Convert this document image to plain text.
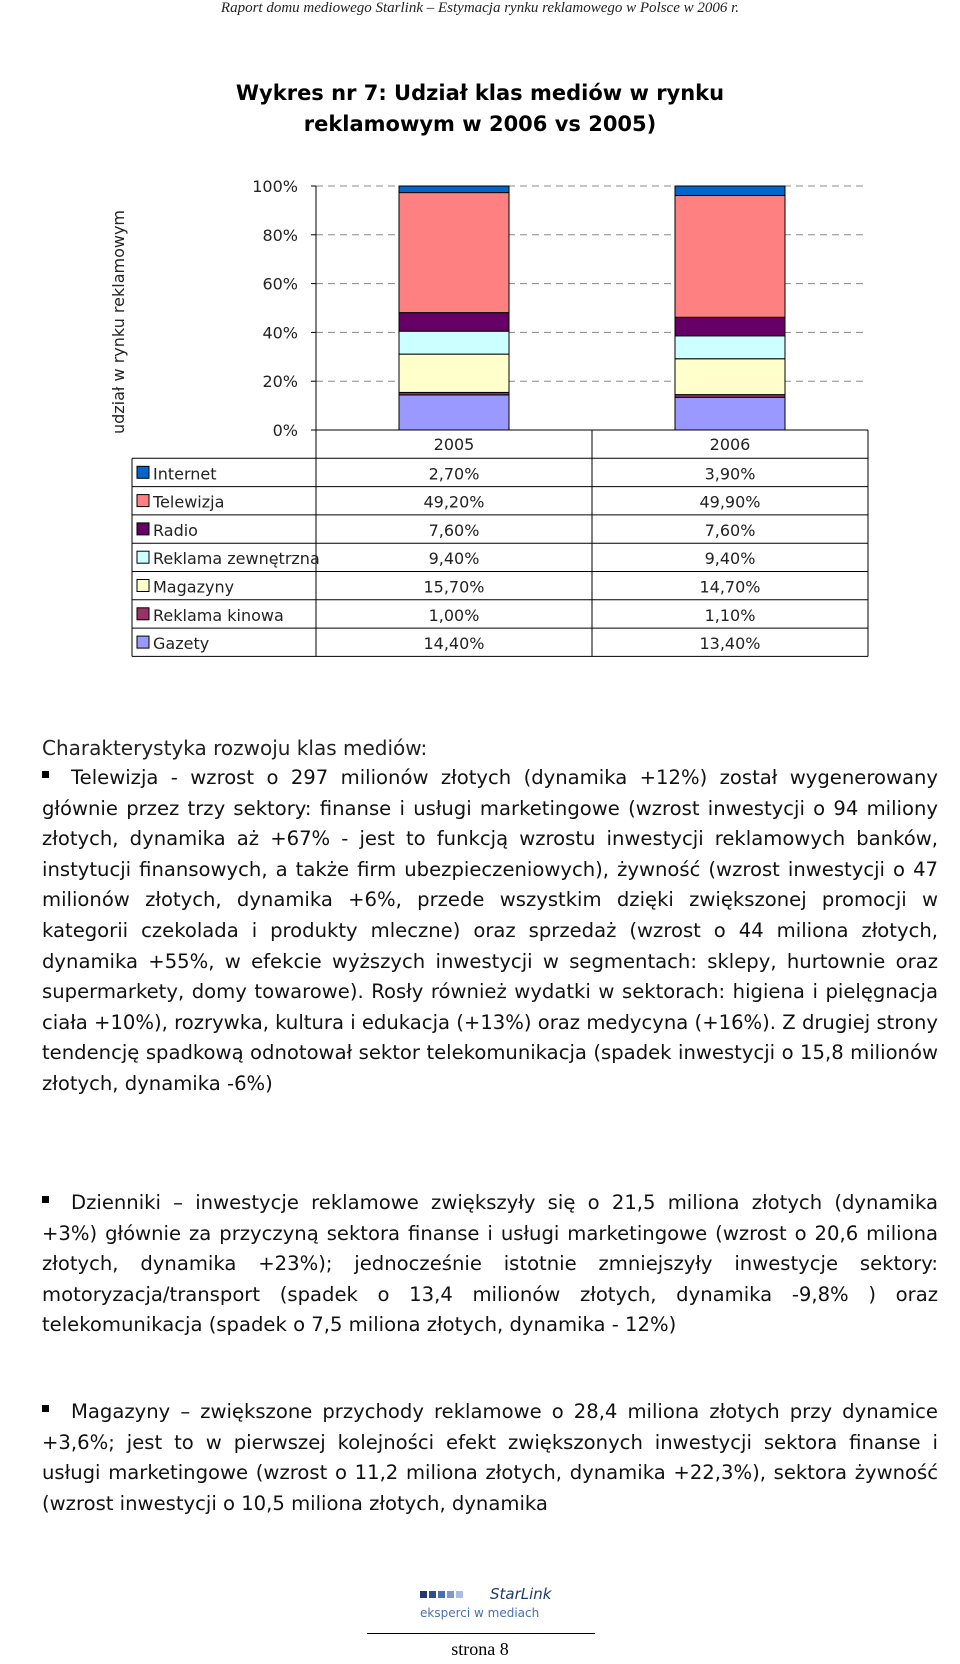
Raport domu mediowego Starlink – Estymacja rynku reklamowego w Polsce w 2006 r.
Wykres nr 7: Udział klas mediów w rynku
reklamowym w 2006 vs 2005)
0%
20%
40%
60%
80%
100%
udział w rynku reklamowym
2005	2006
Internet	2,70%	3,90%
Telewizja	49,20%	49,90%
Radio	7,60%	7,60%
Reklama zewnętrzna	9,40%	9,40%
Magazyny	15,70%	14,70%
Reklama kinowa	1,00%	1,10%
Gazety	14,40%	13,40%
Charakterystyka rozwoju klas mediów:
Telewizja - wzrost o 297 milionów złotych (dynamika +12%) został wygenerowany głównie przez trzy sektory: finanse i usługi marketingowe (wzrost inwestycji o 94 miliony złotych, dynamika aż +67% - jest to funkcją wzrostu inwestycji reklamowych banków, instytucji finansowych, a także firm ubezpieczeniowych), żywność (wzrost inwestycji o 47 milionów złotych, dynamika +6%, przede wszystkim dzięki zwiększonej promocji w kategorii czekolada i produkty mleczne) oraz sprzedaż (wzrost o 44 miliona złotych, dynamika +55%, w efekcie wyższych inwestycji w segmentach: sklepy, hurtownie oraz supermarkety, domy towarowe). Rosły również wydatki w sektorach: higiena i pielęgnacja ciała +10%), rozrywka, kultura i edukacja (+13%) oraz medycyna (+16%). Z drugiej strony tendencję spadkową odnotował sektor telekomunikacja (spadek inwestycji o 15,8 milionów złotych, dynamika -6%)
Dzienniki – inwestycje reklamowe zwiększyły się o 21,5 miliona złotych (dynamika +3%) głównie za przyczyną sektora finanse i usługi marketingowe (wzrost o 20,6 miliona złotych, dynamika +23%); jednocześnie istotnie zmniejszyły inwestycje sektory: motoryzacja/transport (spadek o 13,4 milionów złotych, dynamika -9,8% ) oraz telekomunikacja (spadek o 7,5 miliona złotych, dynamika - 12%)
Magazyny – zwiększone przychody reklamowe o 28,4 miliona złotych przy dynamice +3,6%; jest to w pierwszej kolejności efekt zwiększonych inwestycji sektora finanse i usługi marketingowe (wzrost o 11,2 miliona złotych, dynamika +22,3%), sektora żywność (wzrost inwestycji o 10,5 miliona złotych, dynamika
StarLink
eksperci w mediach
strona 8
